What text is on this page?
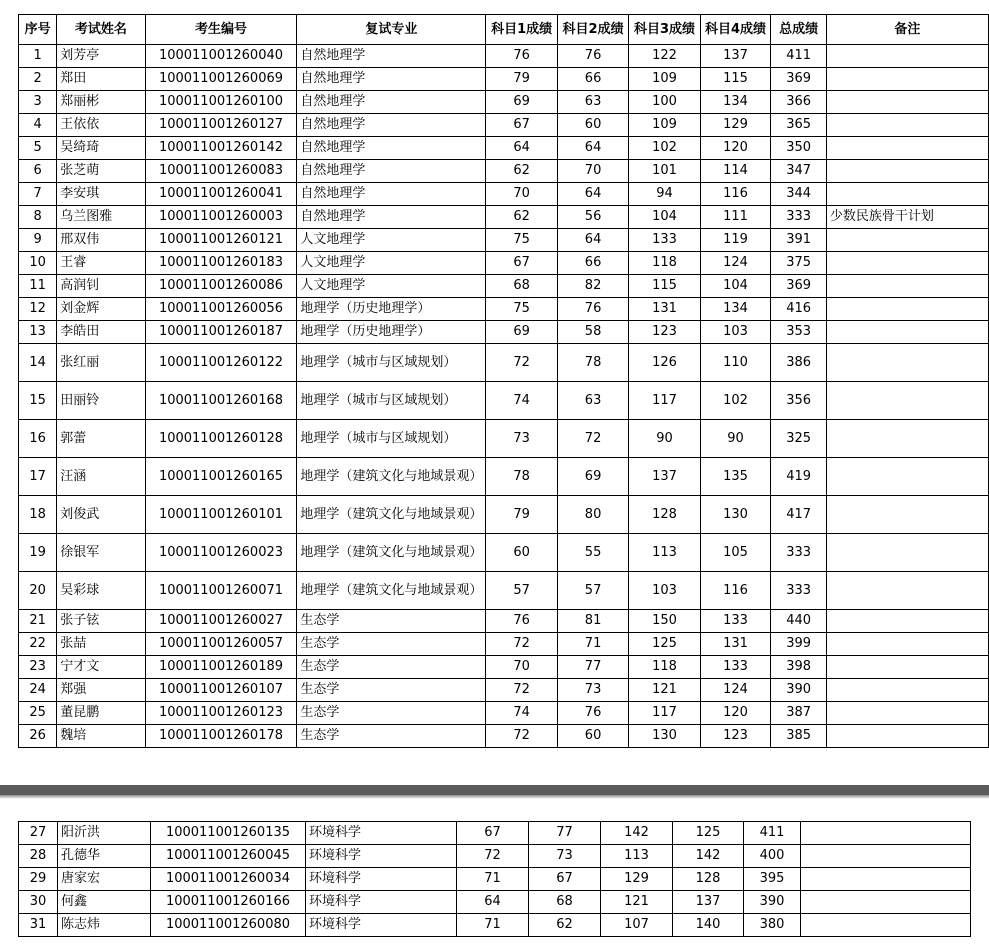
序号	考试姓名	考生编号	复试专业	科目1成绩	科目2成绩	科目3成绩	科目4成绩	总成绩	备注
1	刘芳亭	100011001260040	自然地理学	76	76	122	137	411	
2	郑田	100011001260069	自然地理学	79	66	109	115	369	
3	郑丽彬	100011001260100	自然地理学	69	63	100	134	366	
4	王依依	100011001260127	自然地理学	67	60	109	129	365	
5	吴绮琦	100011001260142	自然地理学	64	64	102	120	350	
6	张芝萌	100011001260083	自然地理学	62	70	101	114	347	
7	李安琪	100011001260041	自然地理学	70	64	94	116	344	
8	乌兰图雅	100011001260003	自然地理学	62	56	104	111	333	少数民族骨干计划
9	邢双伟	100011001260121	人文地理学	75	64	133	119	391	
10	王睿	100011001260183	人文地理学	67	66	118	124	375	
11	高润钊	100011001260086	人文地理学	68	82	115	104	369	
12	刘金辉	100011001260056	地理学（历史地理学）	75	76	131	134	416	
13	李皓田	100011001260187	地理学（历史地理学）	69	58	123	103	353	
14	张红丽	100011001260122	地理学（城市与区域规划）	72	78	126	110	386	
15	田丽铃	100011001260168	地理学（城市与区域规划）	74	63	117	102	356	
16	郭蕾	100011001260128	地理学（城市与区域规划）	73	72	90	90	325	
17	汪涵	100011001260165	地理学（建筑文化与地域景观）	78	69	137	135	419	
18	刘俊武	100011001260101	地理学（建筑文化与地域景观）	79	80	128	130	417	
19	徐银军	100011001260023	地理学（建筑文化与地域景观）	60	55	113	105	333	
20	吴彩球	100011001260071	地理学（建筑文化与地域景观）	57	57	103	116	333	
21	张子铉	100011001260027	生态学	76	81	150	133	440	
22	张喆	100011001260057	生态学	72	71	125	131	399	
23	宁才文	100011001260189	生态学	70	77	118	133	398	
24	郑强	100011001260107	生态学	72	73	121	124	390	
25	董昆鹏	100011001260123	生态学	74	76	117	120	387	
26	魏培	100011001260178	生态学	72	60	130	123	385	
27	阳沂洪	100011001260135	环境科学	67	77	142	125	411	
28	孔德华	100011001260045	环境科学	72	73	113	142	400	
29	唐家宏	100011001260034	环境科学	71	67	129	128	395	
30	何鑫	100011001260166	环境科学	64	68	121	137	390	
31	陈志炜	100011001260080	环境科学	71	62	107	140	380	
